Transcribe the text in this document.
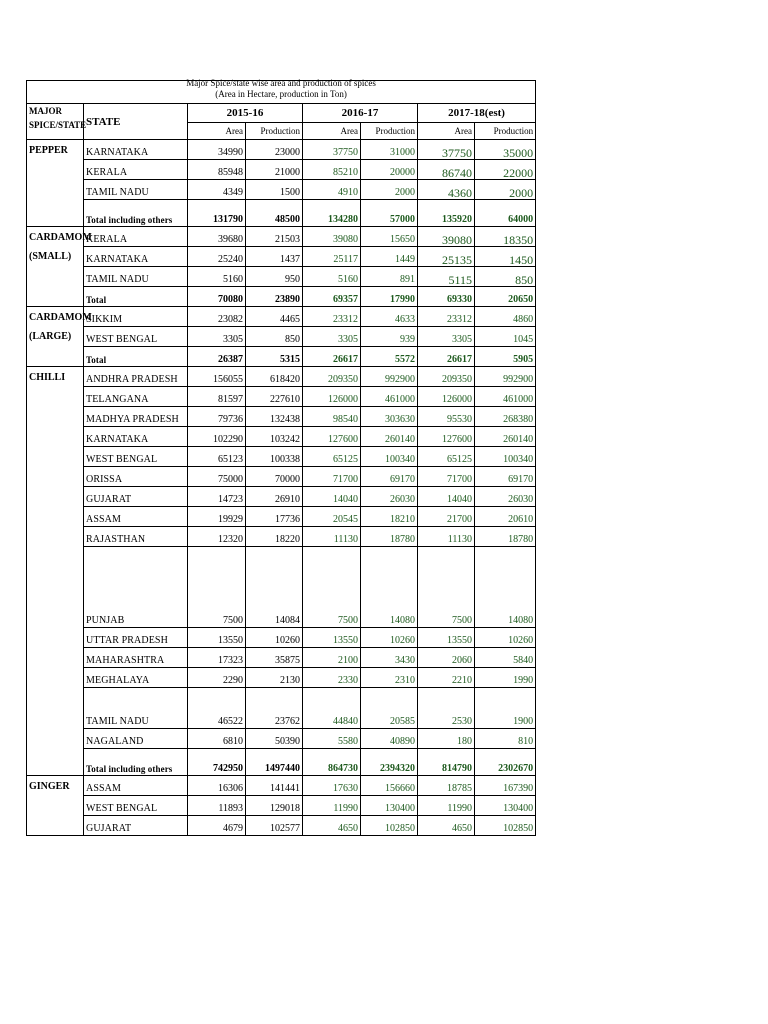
Major Spice/state wise area and production of spices							
(Area in Hectare, production in Ton)							
MAJOR SPICE/STATE	STATE	2015-16		2016-17		2017-18(est)	
		Area	Production	Area	Production	Area	Production
PEPPER	KARNATAKA	34990	23000	37750	31000	37750	35000
	KERALA	85948	21000	85210	20000	86740	22000
	TAMIL NADU	4349	1500	4910	2000	4360	2000
	Total including others	131790	48500	134280	57000	135920	64000
CARDAMOM (SMALL)	KERALA	39680	21503	39080	15650	39080	18350
	KARNATAKA	25240	1437	25117	1449	25135	1450
	TAMIL NADU	5160	950	5160	891	5115	850
	Total	70080	23890	69357	17990	69330	20650
CARDAMOM (LARGE)	SIKKIM	23082	4465	23312	4633	23312	4860
	WEST BENGAL	3305	850	3305	939	3305	1045
	Total	26387	5315	26617	5572	26617	5905
CHILLI	ANDHRA PRADESH	156055	618420	209350	992900	209350	992900
	TELANGANA	81597	227610	126000	461000	126000	461000
	MADHYA PRADESH	79736	132438	98540	303630	95530	268380
	KARNATAKA	102290	103242	127600	260140	127600	260140
	WEST BENGAL	65123	100338	65125	100340	65125	100340
	ORISSA	75000	70000	71700	69170	71700	69170
	GUJARAT	14723	26910	14040	26030	14040	26030
	ASSAM	19929	17736	20545	18210	21700	20610
	RAJASTHAN	12320	18220	11130	18780	11130	18780
	PUNJAB	7500	14084	7500	14080	7500	14080
	UTTAR PRADESH	13550	10260	13550	10260	13550	10260
	MAHARASHTRA	17323	35875	2100	3430	2060	5840
	MEGHALAYA	2290	2130	2330	2310	2210	1990
	TAMIL NADU	46522	23762	44840	20585	2530	1900
	NAGALAND	6810	50390	5580	40890	180	810
	Total including others	742950	1497440	864730	2394320	814790	2302670
GINGER	ASSAM	16306	141441	17630	156660	18785	167390
	WEST BENGAL	11893	129018	11990	130400	11990	130400
	GUJARAT	4679	102577	4650	102850	4650	102850
